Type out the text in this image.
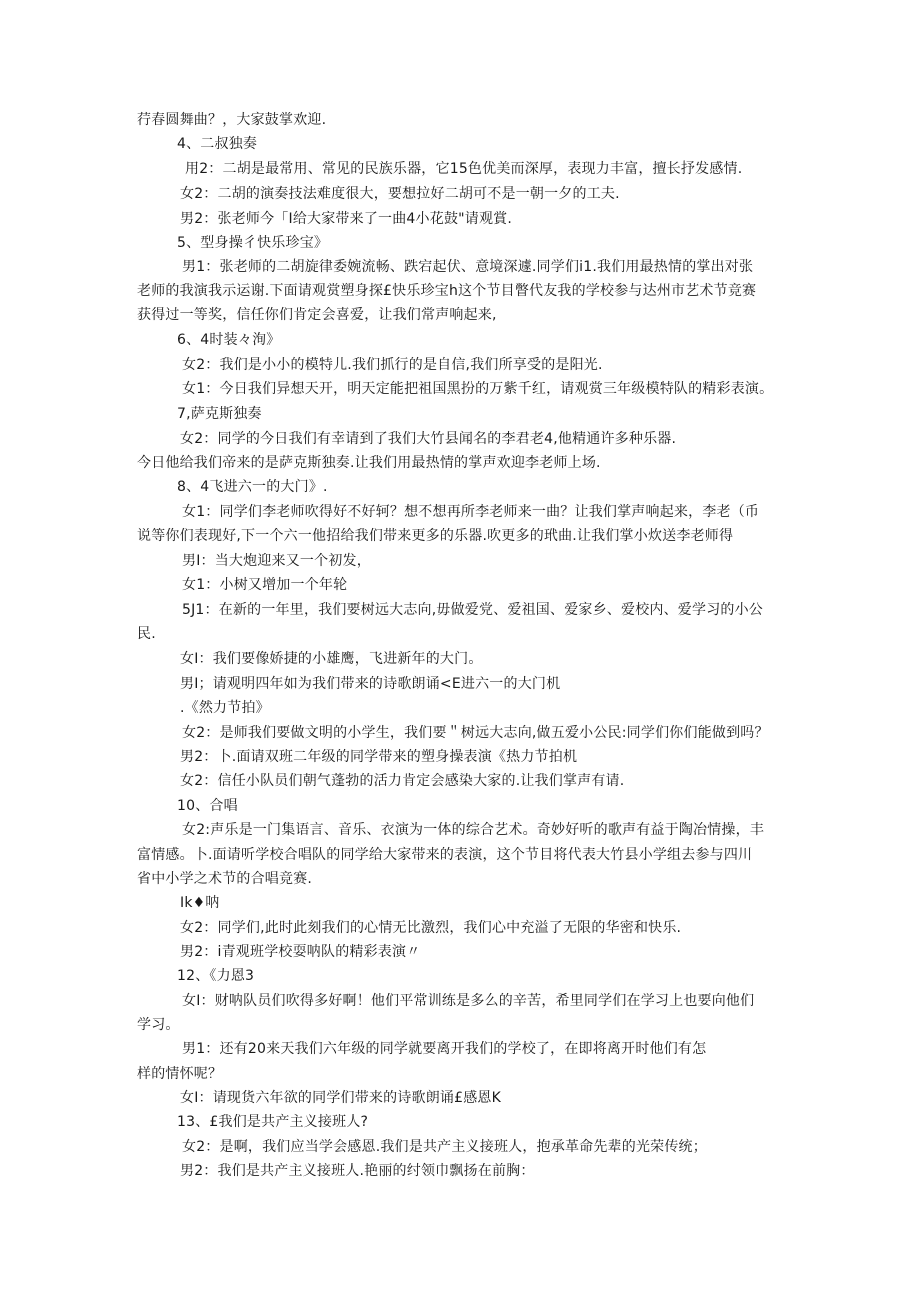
荇春圆舞曲？，大家鼓掌欢迎.
4、二叔独奏
用2：二胡是最常用、常见的民族乐器，它15色优美而深厚，表现力丰富，擅长抒发感情.
女2：二胡的演奏技法难度很大，要想拉好二胡可不是一朝一夕的工夫.
男2：张老师今「I给大家带来了一曲4小花鼓"请观賞.
5、型身操彳快乐珍宝》
男1：张老师的二胡旋律委婉流畅、跌宕起伏、意境深遽.同学们i1.我们用最热情的掌出对张
老师的我演我示运谢.下面请观赏塑身探£快乐珍宝h这个节目瞥代友我的学校参与达州市艺术节竞赛
获得过一等奖，信任你们肯定会喜爱，让我们常声响起来,
6、4时装々洵》
女2：我们是小小的模特儿.我们抓行的是自信,我们所享受的是阳光.
女1：今日我们异想天开，明天定能把祖国黑扮的万紫千红，请观赏三年级模特队的精彩表演。
7,萨克斯独奏
女2：同学的今日我们有幸请到了我们大竹县闻名的李君老4,他精通许多种乐器.
今日他给我们帝来的是萨克斯独奏.让我们用最热情的掌声欢迎李老师上场.
8、4飞进六一的大门》.
女1：同学们李老师吹得好不好轲？想不想再所李老师来一曲？让我们掌声响起来，李老（币
说等你们表现好,下一个六一他招给我们带来更多的乐器.吹更多的玳曲.让我们掌小炊送李老师得
男I：当大炮迎来又一个初发，
女1：小树又增加一个年轮
5J1：在新的一年里，我们要树远大志向,毋做爱党、爱祖国、爱家乡、爱校内、爱学习的小公
民.
女I：我们要像娇捷的小雄鹰，飞进新年的大门。
男I；请观明四年如为我们带来的诗歌朗诵<E进六一的大门机
.《然力节拍》
女2：是师我们要做文明的小学生，我们要＂树远大志向,做五爱小公民:同学们你们能做到吗？
男2：卜.面请双班二年级的同学带来的塑身操表演《热力节拍机
女2：信任小队员们朝气蓬勃的活力肯定会感染大家的.让我们掌声有请.
10、合唱
女2:声乐是一门集语言、音乐、衣演为一体的综合艺术。奇妙好听的歌声有益于陶冶情操，丰
富情感。卜.面请听学校合唱队的同学给大家带来的表演，这个节目将代表大竹县小学组去参与四川
省中小学之术节的合唱竞赛.
Ik♦呐
女2：同学们,此时此刻我们的心情无比激烈，我们心中充溢了无限的华密和快乐.
男2：i青观班学校耍呐队的精彩表演〃
12、《力恩3
女I：财呐队员们吹得多好啊！他们平常训练是多么的辛苦，希里同学们在学习上也要向他们
学习。
男1：还有20来天我们六年级的同学就要离开我们的学校了，在即将离开时他们有怎
样的情怀呢？
女I：请现货六年欲的同学们带来的诗歌朗诵£感恩K
13、£我们是共产主义接班人?
女2：是啊，我们应当学会感恩.我们是共产主义接班人，抱承革命先辈的光荣传统；
男2：我们是共产主义接班人.艳丽的纣领巾飘扬在前胸：
